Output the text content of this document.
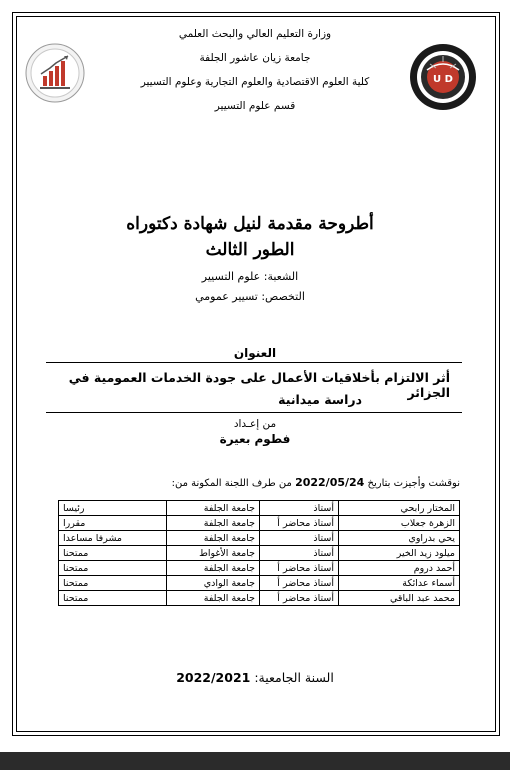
U D
وزارة التعليم العالي والبحث العلمي
جامعة زيان عاشور الجلفة
كلية العلوم الاقتصادية والعلوم التجارية وعلوم التسيير
قسم علوم التسيير
أطروحة مقدمة لنيل شهادة دكتوراه
الطور الثالث
الشعبة: علوم التسيير
التخصص: تسيير عمومي
العنوان
أثر الالتزام بأخلاقيات الأعمال على جودة الخدمات العمومية في الجزائر
دراسة ميدانية
من إعـداد
فطوم بعيرة
نوقشت وأجيزت بتاريخ 2022/05/24 من طرف اللجنة المكونة من:
المختار رابحي	أستاذ	جامعة الجلفة	رئيسا
الزهرة جعلاب	أستاذ محاضر أ	جامعة الجلفة	مقررا
يحي بدراوي	أستاذ	جامعة الجلفة	مشرفا مساعدا
ميلود زيد الخير	أستاذ	جامعة الأغواط	ممتحنا
أحمد دروم	أستاذ محاضر أ	جامعة الجلفة	ممتحنا
أسماء عدائكة	أستاذ محاضر أ	جامعة الوادي	ممتحنا
محمد عبد الباقي	أستاذ محاضر أ	جامعة الجلفة	ممتحنا
السنة الجامعية: 2022/2021
